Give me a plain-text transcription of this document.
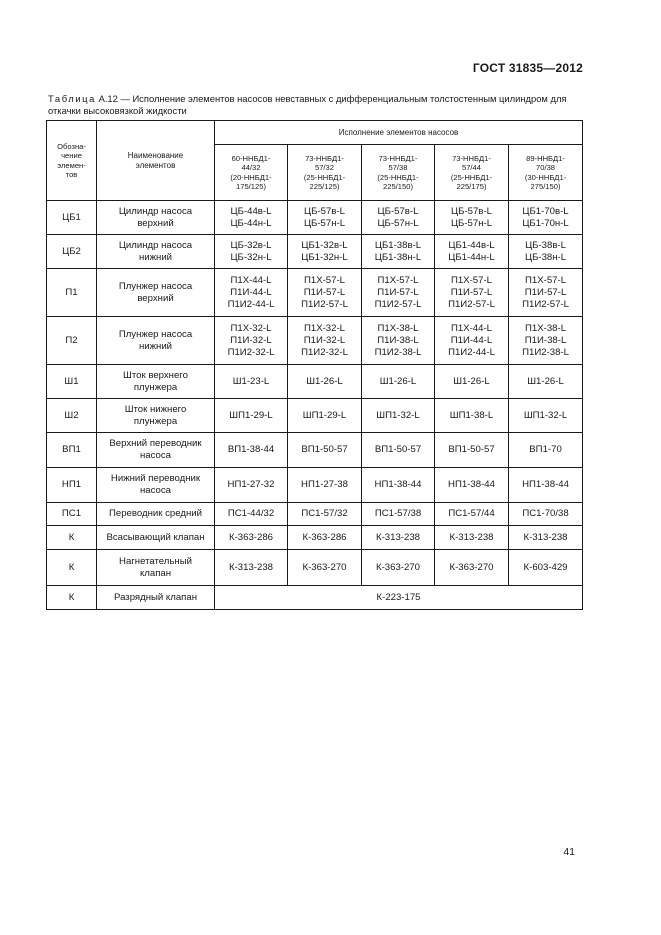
ГОСТ 31835—2012
Таблица А.12 — Исполнение элементов насосов невставных с дифференциальным толстостенным цилиндром для откачки высоковязкой жидкости
Обозна-
чение
элемен-
тов	Наименование
элементов	Исполнение элементов насосов				

		60-ННБД1-
44/32
(20-ННБД1-
175/125)	73-ННБД1-
57/32
(25-ННБД1-
225/125)	73-ННБД1-
57/38
(25-ННБД1-
225/150)	73-ННБД1-
57/44
(25-ННБД1-
225/175)	89-ННБД1-
70/38
(30-ННБД1-
275/150)

ЦБ1	Цилиндр насоса
верхний	ЦБ-44в-L
ЦБ-44н-L	ЦБ-57в-L
ЦБ-57н-L	ЦБ-57в-L
ЦБ-57н-L	ЦБ-57в-L
ЦБ-57н-L	ЦБ1-70в-L
ЦБ1-70н-L

ЦБ2	Цилиндр насоса
нижний	ЦБ-32в-L
ЦБ-32н-L	ЦБ1-32в-L
ЦБ1-32н-L	ЦБ1-38в-L
ЦБ1-38н-L	ЦБ1-44в-L
ЦБ1-44н-L	ЦБ-38в-L
ЦБ-38н-L

П1	Плунжер насоса
верхний	П1Х-44-L
П1И-44-L
П1И2-44-L	П1Х-57-L
П1И-57-L
П1И2-57-L	П1Х-57-L
П1И-57-L
П1И2-57-L	П1Х-57-L
П1И-57-L
П1И2-57-L	П1Х-57-L
П1И-57-L
П1И2-57-L

П2	Плунжер насоса
нижний	П1Х-32-L
П1И-32-L
П1И2-32-L	П1Х-32-L
П1И-32-L
П1И2-32-L	П1Х-38-L
П1И-38-L
П1И2-38-L	П1Х-44-L
П1И-44-L
П1И2-44-L	П1Х-38-L
П1И-38-L
П1И2-38-L

Ш1	Шток верхнего
плунжера	Ш1-23-L	Ш1-26-L	Ш1-26-L	Ш1-26-L	Ш1-26-L

Ш2	Шток нижнего
плунжера	ШП1-29-L	ШП1-29-L	ШП1-32-L	ШП1-38-L	ШП1-32-L

ВП1	Верхний переводник
насоса	ВП1-38-44	ВП1-50-57	ВП1-50-57	ВП1-50-57	ВП1-70

НП1	Нижний переводник
насоса	НП1-27-32	НП1-27-38	НП1-38-44	НП1-38-44	НП1-38-44

ПС1	Переводник средний	ПС1-44/32	ПС1-57/32	ПС1-57/38	ПС1-57/44	ПС1-70/38

К	Всасывающий клапан	К-363-286	К-363-286	К-313-238	К-313-238	К-313-238

К	Нагнетательный
клапан	К-313-238	К-363-270	К-363-270	К-363-270	К-603-429

К	Разрядный клапан	К-223-175				
41
